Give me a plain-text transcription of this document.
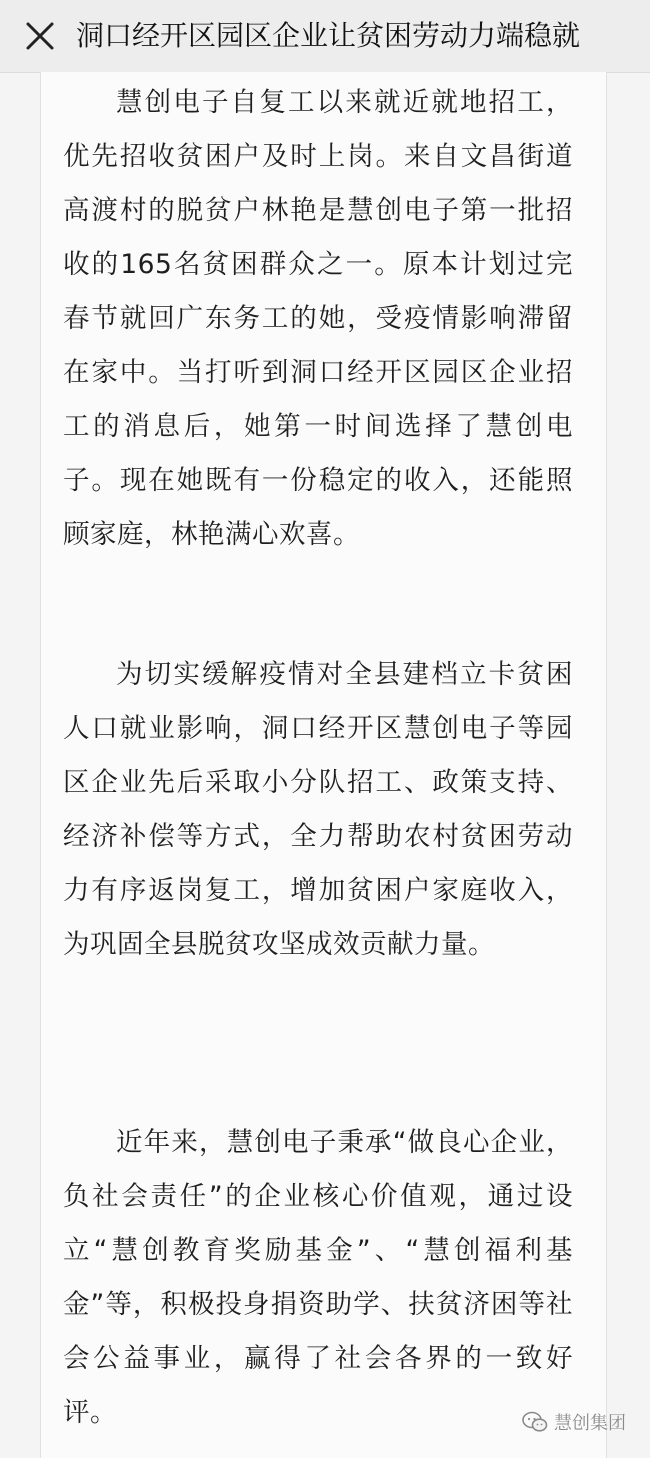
洞口经开区园区企业让贫困劳动力端稳就

慧创电子自复工以来就近就地招工，优先招收贫困户及时上岗。来自文昌街道高渡村的脱贫户林艳是慧创电子第一批招收的165名贫困群众之一。原本计划过完春节就回广东务工的她，受疫情影响滞留在家中。当打听到洞口经开区园区企业招工的消息后，她第一时间选择了慧创电子。现在她既有一份稳定的收入，还能照顾家庭，林艳满心欢喜。

为切实缓解疫情对全县建档立卡贫困人口就业影响，洞口经开区慧创电子等园区企业先后采取小分队招工、政策支持、经济补偿等方式，全力帮助农村贫困劳动力有序返岗复工，增加贫困户家庭收入，为巩固全县脱贫攻坚成效贡献力量。

近年来，慧创电子秉承“做良心企业，负社会责任”的企业核心价值观，通过设立“慧创教育奖励基金”、“慧创福利基金”等，积极投身捐资助学、扶贫济困等社会公益事业，赢得了社会各界的一致好评。	慧创集团
